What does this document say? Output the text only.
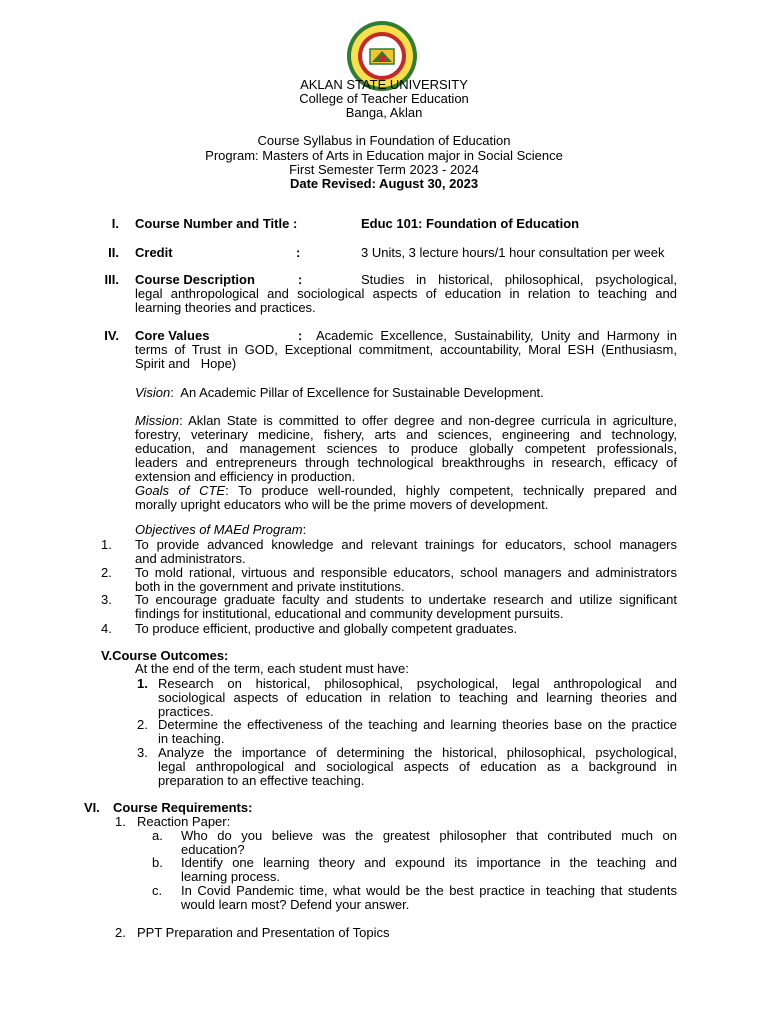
AKLAN STATE UNIVERSITY
College of Teacher Education
Banga, Aklan
Course Syllabus in Foundation of Education
Program: Masters of Arts in Education major in Social Science
First Semester Term 2023 - 2024
Date Revised: August 30, 2023
I. Course Number and Title :	Educ 101: Foundation of Education
II. Credit	:	3 Units, 3 lecture hours/1 hour consultation per week
III. Course Description	:	Studies in historical, philosophical, psychological,
legal anthropological and sociological aspects of education in relation to teaching and
learning theories and practices.
IV. Core Values	: Academic Excellence, Sustainability, Unity and Harmony in
terms of Trust in GOD, Exceptional commitment, accountability, Moral ESH (Enthusiasm,
Spirit and   Hope)
Vision:  An Academic Pillar of Excellence for Sustainable Development.
Mission: Aklan State is committed to offer degree and non-degree curricula in agriculture,
forestry, veterinary medicine, fishery, arts and sciences, engineering and technology,
education, and management sciences to produce globally competent professionals,
leaders and entrepreneurs through technological breakthroughs in research, efficacy of
extension and efficiency in production.
Goals of CTE: To produce well-rounded, highly competent, technically prepared and
morally upright educators who will be the prime movers of development.
Objectives of MAEd Program:
1. To provide advanced knowledge and relevant trainings for educators, school managers
and administrators.
2. To mold rational, virtuous and responsible educators, school managers and administrators
both in the government and private institutions.
3. To encourage graduate faculty and students to undertake research and utilize significant
findings for institutional, educational and community development pursuits.
4. To produce efficient, productive and globally competent graduates.
V.Course Outcomes:
At the end of the term, each student must have:
1. Research on historical, philosophical, psychological, legal anthropological and
sociological aspects of education in relation to teaching and learning theories and
practices.
2. Determine the effectiveness of the teaching and learning theories base on the practice
in teaching.
3. Analyze the importance of determining the historical, philosophical, psychological,
legal anthropological and sociological aspects of education as a background in
preparation to an effective teaching.
VI. Course Requirements:
1. Reaction Paper:
a. Who do you believe was the greatest philosopher that contributed much on
education?
b. Identify one learning theory and expound its importance in the teaching and
learning process.
c. In Covid Pandemic time, what would be the best practice in teaching that students
would learn most? Defend your answer.
2. PPT Preparation and Presentation of Topics
